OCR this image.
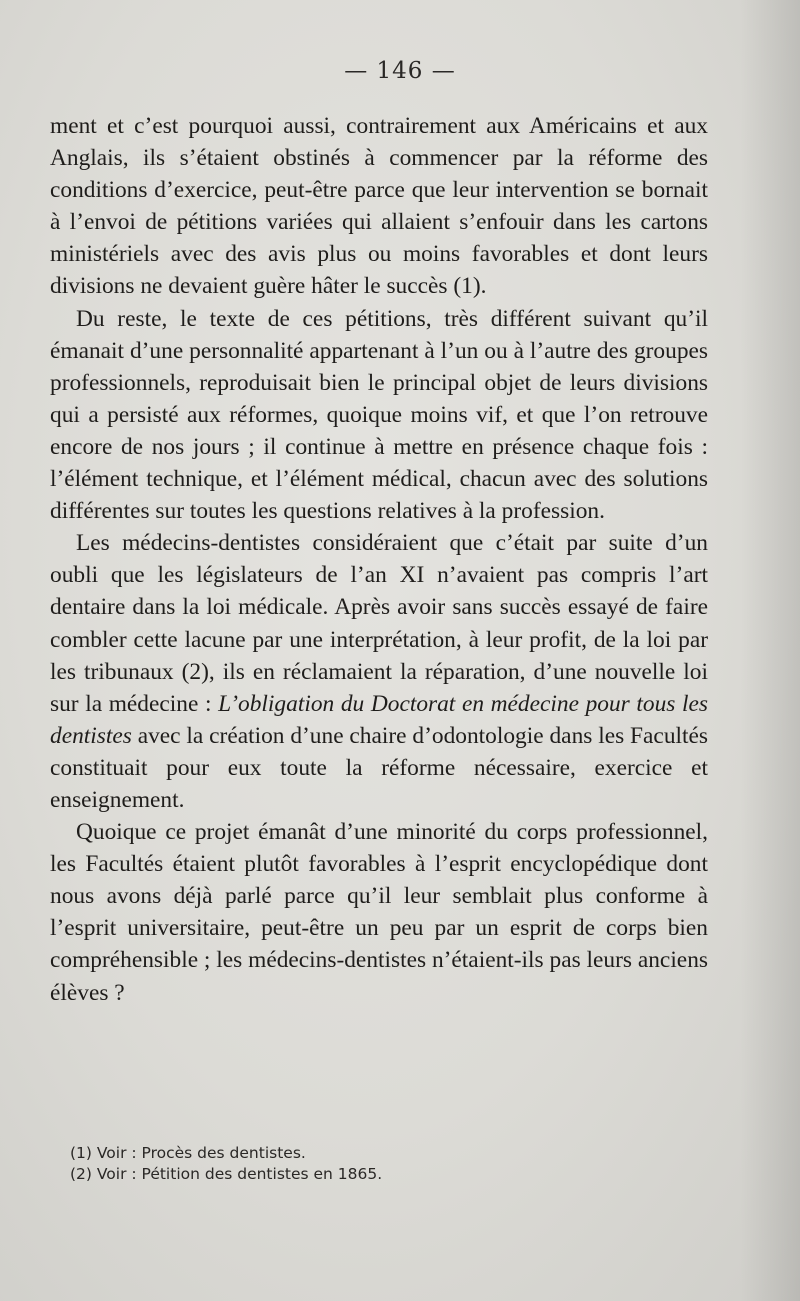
— 146 —

ment et c’est pourquoi aussi, contrairement aux Américains et aux Anglais, ils s’étaient obstinés à commencer par la réforme des conditions d’exercice, peut-être parce que leur intervention se bornait à l’envoi de pétitions variées qui allaient s’enfouir dans les cartons ministériels avec des avis plus ou moins favorables et dont leurs divisions ne devaient guère hâter le succès (1).

Du reste, le texte de ces pétitions, très différent suivant qu’il émanait d’une personnalité appartenant à l’un ou à l’autre des groupes professionnels, reproduisait bien le principal objet de leurs divisions qui a persisté aux réformes, quoique moins vif, et que l’on retrouve encore de nos jours ; il continue à mettre en présence chaque fois : l’élément technique, et l’élément médical, chacun avec des solutions différentes sur toutes les questions relatives à la profession.

Les médecins-dentistes considéraient que c’était par suite d’un oubli que les législateurs de l’an XI n’avaient pas compris l’art dentaire dans la loi médicale. Après avoir sans succès essayé de faire combler cette lacune par une interprétation, à leur profit, de la loi par les tribunaux (2), ils en réclamaient la réparation, d’une nouvelle loi sur la médecine : L’obligation du Doctorat en médecine pour tous les dentistes avec la création d’une chaire d’odontologie dans les Facultés constituait pour eux toute la réforme nécessaire, exercice et enseignement.

Quoique ce projet émanât d’une minorité du corps professionnel, les Facultés étaient plutôt favorables à l’esprit encyclopédique dont nous avons déjà parlé parce qu’il leur semblait plus conforme à l’esprit universitaire, peut-être un peu par un esprit de corps bien compréhensible ; les médecins-dentistes n’étaient-ils pas leurs anciens élèves ?

(1) Voir : Procès des dentistes.

(2) Voir : Pétition des dentistes en 1865.
